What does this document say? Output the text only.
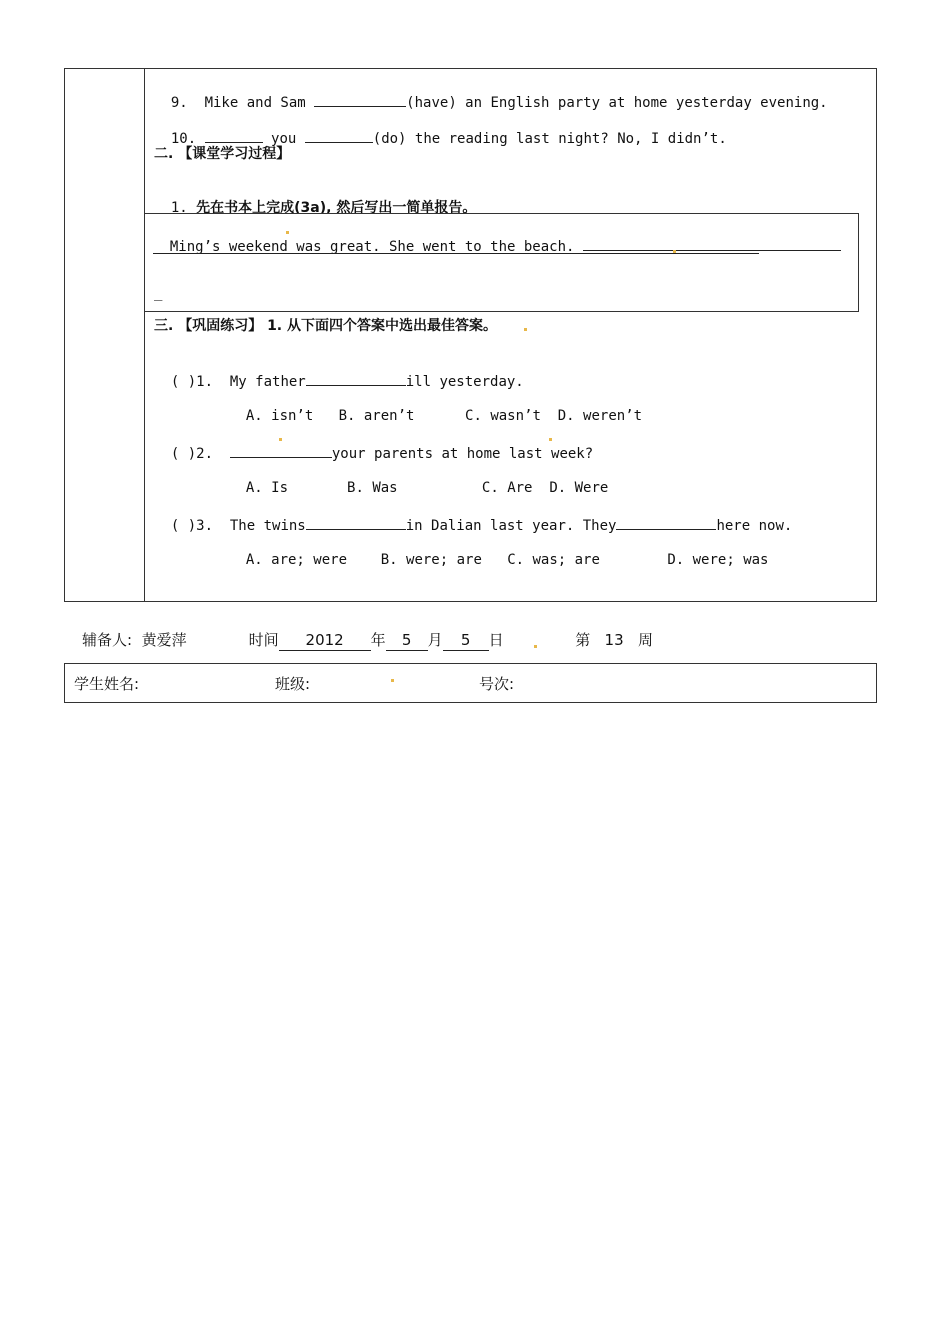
9. Mike and Sam	(have) an English party at home yesterday evening.

10.	you	(do) the reading last night? No, I didn’t.

二. 【课堂学习过程】

1. 先在书本上完成(3a), 然后写出一简单报告。

Ming’s weekend was great. She went to the beach.

_
三. 【巩固练习】 1. 从下面四个答案中选出最佳答案。

( )1. My father	ill yesterday.

A. isn’t B. aren’t	C. wasn’t D. weren’t

( )2.	your parents at home last week?

A. Is	B. Was	C. Are D. Were

( )3. The twins	in Dalian last year. They	here now.

A. are; were B. were; are C. was; are	D. were; was

辅备人: 黄爱萍	时间 2012 年 5 月 5 日	第 13 周
学生姓名:	班级:	号次:
